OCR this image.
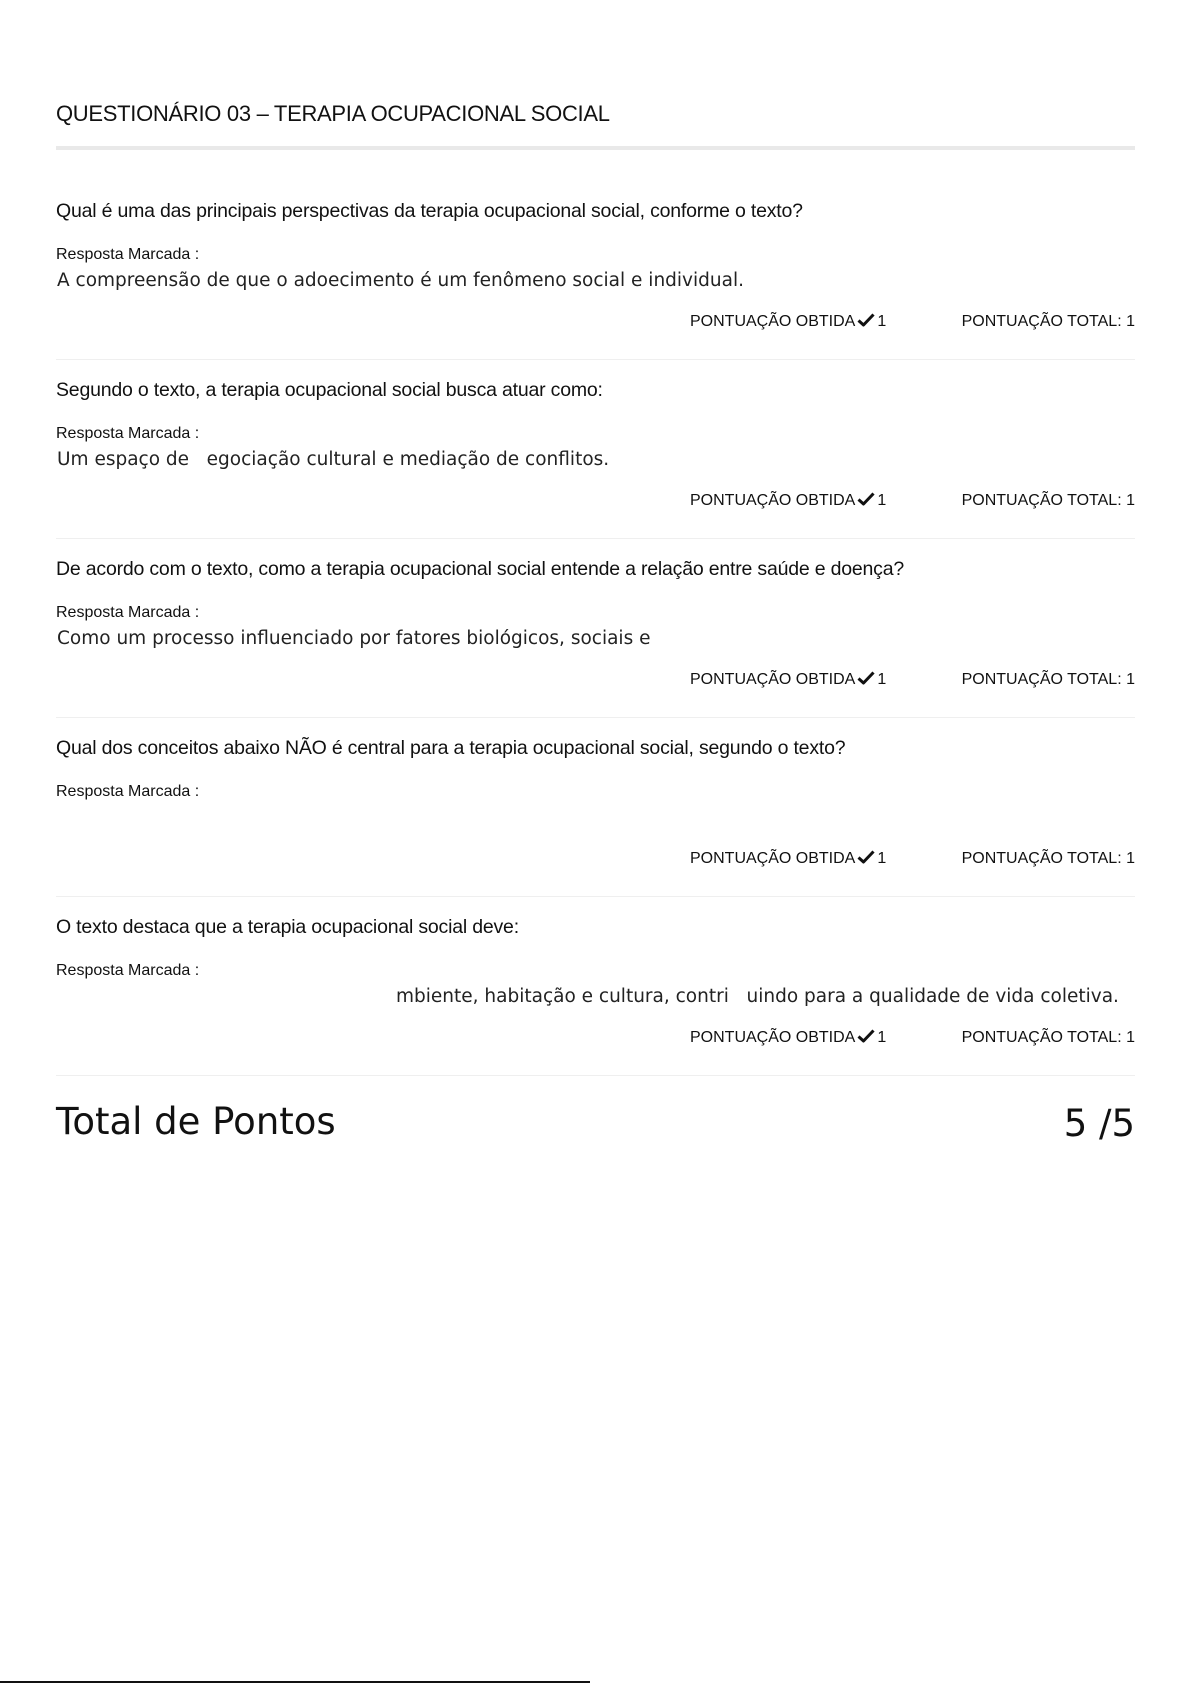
QUESTIONÁRIO 03 – TERAPIA OCUPACIONAL SOCIAL
Qual é uma das principais perspectivas da terapia ocupacional social, conforme o texto?
Resposta Marcada :
A compreensão de que o adoecimento é um fenômeno social e individual.
PONTUAÇÃO OBTIDA 1	PONTUAÇÃO TOTAL: 1
Segundo o texto, a terapia ocupacional social busca atuar como:
Resposta Marcada :
Um espaço de   egociação cultural e mediação de conflitos.
PONTUAÇÃO OBTIDA 1	PONTUAÇÃO TOTAL: 1
De acordo com o texto, como a terapia ocupacional social entende a relação entre saúde e doença?
Resposta Marcada :
Como um processo influenciado por fatores biológicos, sociais e
PONTUAÇÃO OBTIDA 1	PONTUAÇÃO TOTAL: 1
Qual dos conceitos abaixo NÃO é central para a terapia ocupacional social, segundo o texto?
Resposta Marcada :
PONTUAÇÃO OBTIDA 1	PONTUAÇÃO TOTAL: 1
O texto destaca que a terapia ocupacional social deve:
Resposta Marcada :
mbiente, habitação e cultura, contri   uindo para a qualidade de vida coletiva.
PONTUAÇÃO OBTIDA 1	PONTUAÇÃO TOTAL: 1
Total de Pontos	5 /5
